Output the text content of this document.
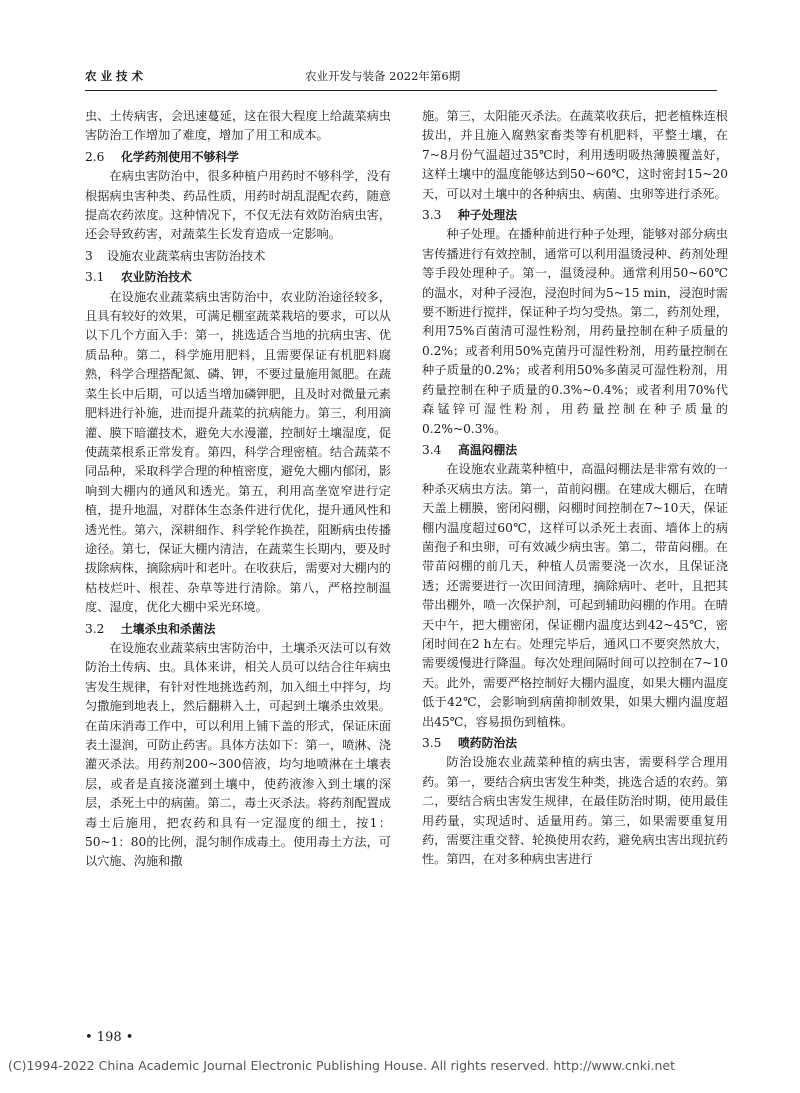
农业技术	农业开发与装备 2022年第6期

虫、土传病害，会迅速蔓延，这在很大程度上给蔬菜病虫害防治工作增加了难度，增加了用工和成本。

2.6 化学药剂使用不够科学

在病虫害防治中，很多种植户用药时不够科学，没有根据病虫害种类、药品性质，用药时胡乱混配农药，随意提高农药浓度。这种情况下，不仅无法有效防治病虫害，还会导致药害，对蔬菜生长发育造成一定影响。

3 设施农业蔬菜病虫害防治技术
3.1 农业防治技术

在设施农业蔬菜病虫害防治中，农业防治途径较多，且具有较好的效果，可满足棚室蔬菜栽培的要求，可以从以下几个方面入手：第一，挑选适合当地的抗病虫害、优质品种。第二，科学施用肥料，且需要保证有机肥料腐熟，科学合理搭配氮、磷、钾，不要过量施用氮肥。在蔬菜生长中后期，可以适当增加磷钾肥，且及时对微量元素肥料进行补施，进而提升蔬菜的抗病能力。第三，利用滴灌、膜下暗灌技术，避免大水漫灌，控制好土壤湿度，促使蔬菜根系正常发育。第四，科学合理密植。结合蔬菜不同品种，采取科学合理的种植密度，避免大棚内郁闭，影响到大棚内的通风和透光。第五，利用高垄宽窄进行定植，提升地温，对群体生态条件进行优化，提升通风性和透光性。第六，深耕细作、科学轮作换茬，阻断病虫传播途径。第七，保证大棚内清洁，在蔬菜生长期内，要及时拔除病株，摘除病叶和老叶。在收获后，需要对大棚内的枯枝烂叶、根茬、杂草等进行清除。第八，严格控制温度、湿度，优化大棚中采光环境。

3.2 土壤杀虫和杀菌法

在设施农业蔬菜病虫害防治中，土壤杀灭法可以有效防治土传病、虫。具体来讲，相关人员可以结合往年病虫害发生规律，有针对性地挑选药剂，加入细土中拌匀，均匀撒施到地表上，然后翻耕入土，可起到土壤杀虫效果。在苗床消毒工作中，可以利用上铺下盖的形式，保证床面表土湿润，可防止药害。具体方法如下：第一，喷淋、浇灌灭杀法。用药剂200~300倍液，均匀地喷淋在土壤表层，或者是直接浇灌到土壤中，使药液渗入到土壤的深层，杀死土中的病菌。第二，毒土灭杀法。将药剂配置成毒土后施用，把农药和具有一定湿度的细土，按1：50~1：80的比例，混匀制作成毒土。使用毒土方法，可以穴施、沟施和撒

施。第三，太阳能灭杀法。在蔬菜收获后，把老植株连根拔出，并且施入腐熟家畜类等有机肥料，平整土壤，在7~8月份气温超过35℃时，利用透明吸热薄膜覆盖好，这样土壤中的温度能够达到50~60℃，这时密封15~20天，可以对土壤中的各种病虫、病菌、虫卵等进行杀死。

3.3 种子处理法

种子处理。在播种前进行种子处理，能够对部分病虫害传播进行有效控制，通常可以利用温烫浸种、药剂处理等手段处理种子。第一，温烫浸种。通常利用50~60℃的温水，对种子浸泡，浸泡时间为5~15 min，浸泡时需要不断进行搅拌，保证种子均匀受热。第二，药剂处理，利用75%百菌清可湿性粉剂，用药量控制在种子质量的0.2%；或者利用50%克菌丹可湿性粉剂，用药量控制在种子质量的0.2%；或者利用50%多菌灵可湿性粉剂，用药量控制在种子质量的0.3%~0.4%；或者利用70%代森锰锌可湿性粉剂，用药量控制在种子质量的0.2%~0.3%。

3.4 高温闷棚法

在设施农业蔬菜种植中，高温闷棚法是非常有效的一种杀灭病虫方法。第一，苗前闷棚。在建成大棚后，在晴天盖上棚膜，密闭闷棚，闷棚时间控制在7~10天，保证棚内温度超过60℃，这样可以杀死土表面、墙体上的病菌孢子和虫卵，可有效减少病虫害。第二，带苗闷棚。在带苗闷棚的前几天，种植人员需要浇一次水，且保证浇透；还需要进行一次田间清理，摘除病叶、老叶，且把其带出棚外，喷一次保护剂，可起到辅助闷棚的作用。在晴天中午，把大棚密闭，保证棚内温度达到42~45℃，密闭时间在2 h左右。处理完毕后，通风口不要突然放大，需要缓慢进行降温。每次处理间隔时间可以控制在7~10天。此外，需要严格控制好大棚内温度，如果大棚内温度低于42℃，会影响到病菌抑制效果，如果大棚内温度超出45℃，容易损伤到植株。

3.5 喷药防治法

防治设施农业蔬菜种植的病虫害，需要科学合理用药。第一，要结合病虫害发生种类，挑选合适的农药。第二，要结合病虫害发生规律，在最佳防治时期，使用最佳用药量，实现适时、适量用药。第三，如果需要重复用药，需要注重交替、轮换使用农药，避免病虫害出现抗药性。第四，在对多种病虫害进行

• 198 •
(C)1994-2022 China Academic Journal Electronic Publishing House. All rights reserved. http://www.cnki.net
